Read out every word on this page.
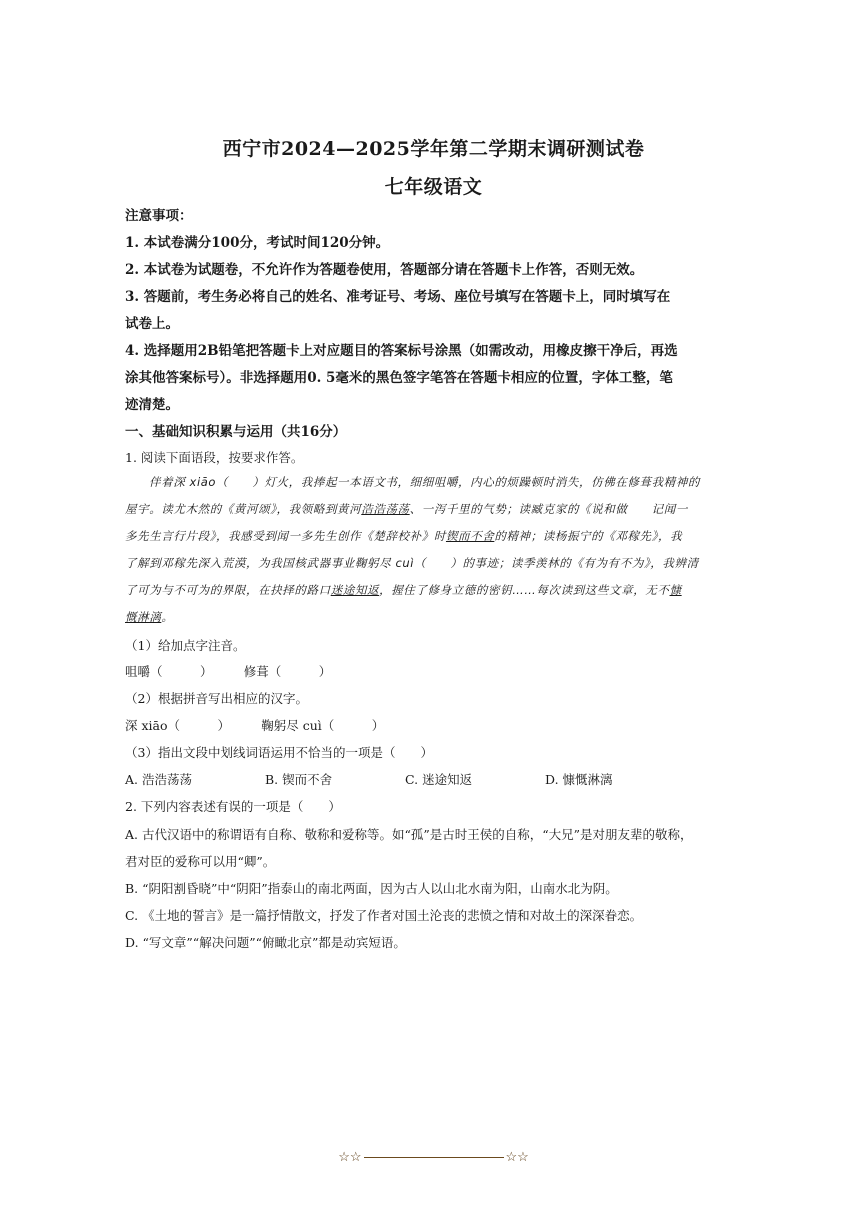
西宁市2024—2025学年第二学期末调研测试卷
七年级语文
注意事项：
1. 本试卷满分100分，考试时间120分钟。
2. 本试卷为试题卷，不允许作为答题卷使用，答题部分请在答题卡上作答，否则无效。
3. 答题前，考生务必将自己的姓名、准考证号、考场、座位号填写在答题卡上，同时填写在
试卷上。
4. 选择题用2B铅笔把答题卡上对应题目的答案标号涂黑（如需改动，用橡皮擦干净后，再选
涂其他答案标号）。非选择题用0. 5毫米的黑色签字笔答在答题卡相应的位置，字体工整，笔
迹清楚。
一、基础知识积累与运用（共16分）
1. 阅读下面语段，按要求作答。
伴着深 xiāo（　　）灯火，我捧起一本语文书，细细咀嚼，内心的烦躁顿时消失，仿佛在修葺我精神的
屋宇。读尤木然的《黄河颂》，我领略到黄河浩浩荡荡、一泻千里的气势；读臧克家的《说和做　　记闻一
多先生言行片段》，我感受到闻一多先生创作《楚辞校补》时锲而不舍的精神；读杨振宁的《邓稼先》，我
了解到邓稼先深入荒漠，为我国核武器事业鞠躬尽 cuì（　　）的事迹；读季羡林的《有为有不为》，我辨清
了可为与不可为的界限，在抉择的路口迷途知返，握住了修身立德的密钥……每次读到这些文章，无不慷
慨淋漓。
（1）给加点字注音。
咀嚼（　　　）　　　修葺（　　　）
（2）根据拼音写出相应的汉字。
深 xiāo（　　　）　　　鞠躬尽 cuì（　　　）
（3）指出文段中划线词语运用不恰当的一项是（　　）
A. 浩浩荡荡	B. 锲而不舍	C. 迷途知返	D. 慷慨淋漓
2. 下列内容表述有误的一项是（　　）
A. 古代汉语中的称谓语有自称、敬称和爱称等。如“孤”是古时王侯的自称，“大兄”是对朋友辈的敬称，
君对臣的爱称可以用“卿”。
B. “阴阳割昏晓”中“阴阳”指泰山的南北两面，因为古人以山北水南为阳，山南水北为阴。
C. 《土地的誓言》是一篇抒情散文，抒发了作者对国土沦丧的悲愤之情和对故土的深深眷恋。
D. “写文章”“解决问题”“俯瞰北京”都是动宾短语。
☆☆	☆☆
